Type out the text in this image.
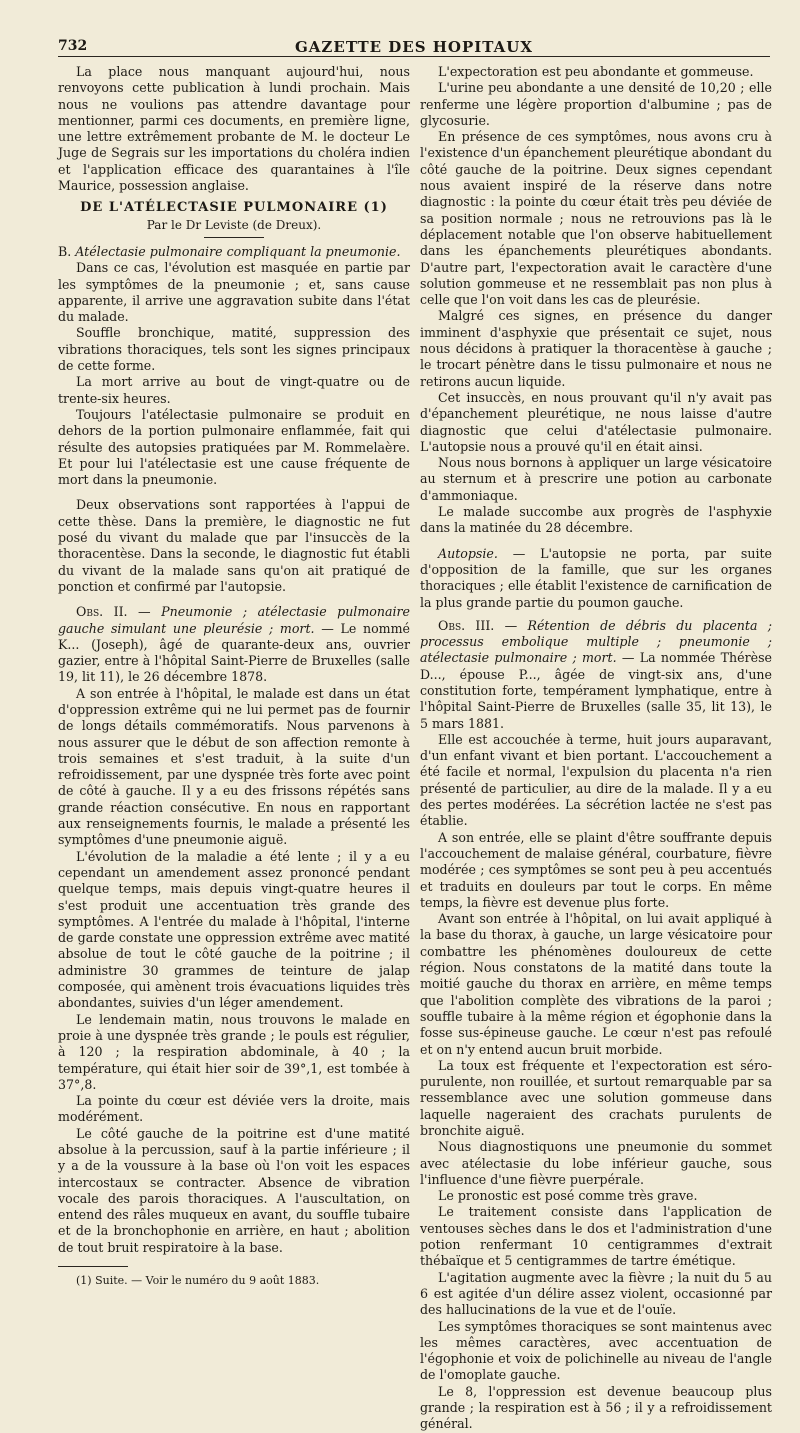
732	GAZETTE DES HOPITAUX

La place nous manquant aujourd'hui, nous renvoyons cette publication à lundi prochain. Mais nous ne voulions pas attendre davantage pour mentionner, parmi ces documents, en première ligne, une lettre extrêmement probante de M. le docteur Le Juge de Segrais sur les importations du choléra indien et l'application efficace des quarantaines à l'île Maurice, possession anglaise.

DE L'ATÉLECTASIE PULMONAIRE (1)
Par le Dr Leviste (de Dreux).

B. Atélectasie pulmonaire compliquant la pneumonie.

Dans ce cas, l'évolution est masquée en partie par les symptômes de la pneumonie ; et, sans cause apparente, il arrive une aggravation subite dans l'état du malade.

Souffle bronchique, matité, suppression des vibrations thoraciques, tels sont les signes principaux de cette forme.

La mort arrive au bout de vingt-quatre ou de trente-six heures.

Toujours l'atélectasie pulmonaire se produit en dehors de la portion pulmonaire enflammée, fait qui résulte des autopsies pratiquées par M. Rommelaère. Et pour lui l'atélectasie est une cause fréquente de mort dans la pneumonie.

Deux observations sont rapportées à l'appui de cette thèse. Dans la première, le diagnostic ne fut posé du vivant du malade que par l'insuccès de la thoracentèse. Dans la seconde, le diagnostic fut établi du vivant de la malade sans qu'on ait pratiqué de ponction et confirmé par l'autopsie.

Obs. II. — Pneumonie ; atélectasie pulmonaire gauche simulant une pleurésie ; mort. — Le nommé K... (Joseph), âgé de quarante-deux ans, ouvrier gazier, entre à l'hôpital Saint-Pierre de Bruxelles (salle 19, lit 11), le 26 décembre 1878.

A son entrée à l'hôpital, le malade est dans un état d'oppression extrême qui ne lui permet pas de fournir de longs détails commémoratifs. Nous parvenons à nous assurer que le début de son affection remonte à trois semaines et s'est traduit, à la suite d'un refroidissement, par une dyspnée très forte avec point de côté à gauche. Il y a eu des frissons répétés sans grande réaction consécutive. En nous en rapportant aux renseignements fournis, le malade a présenté les symptômes d'une pneumonie aiguë.

L'évolution de la maladie a été lente ; il y a eu cependant un amendement assez prononcé pendant quelque temps, mais depuis vingt-quatre heures il s'est produit une accentuation très grande des symptômes. A l'entrée du malade à l'hôpital, l'interne de garde constate une oppression extrême avec matité absolue de tout le côté gauche de la poitrine ; il administre 30 grammes de teinture de jalap composée, qui amènent trois évacuations liquides très abondantes, suivies d'un léger amendement.

Le lendemain matin, nous trouvons le malade en proie à une dyspnée très grande ; le pouls est régulier, à 120 ; la respiration abdominale, à 40 ; la température, qui était hier soir de 39°,1, est tombée à 37°,8.

La pointe du cœur est déviée vers la droite, mais modérément.

Le côté gauche de la poitrine est d'une matité absolue à la percussion, sauf à la partie inférieure ; il y a de la voussure à la base où l'on voit les espaces intercostaux se contracter. Absence de vibration vocale des parois thoraciques. A l'auscultation, on entend des râles muqueux en avant, du souffle tubaire et de la bronchophonie en arrière, en haut ; abolition de tout bruit respiratoire à la base.

(1) Suite. — Voir le numéro du 9 août 1883.

L'expectoration est peu abondante et gommeuse.

L'urine peu abondante a une densité de 10,20 ; elle renferme une légère proportion d'albumine ; pas de glycosurie.

En présence de ces symptômes, nous avons cru à l'existence d'un épanchement pleurétique abondant du côté gauche de la poitrine. Deux signes cependant nous avaient inspiré de la réserve dans notre diagnostic : la pointe du cœur était très peu déviée de sa position normale ; nous ne retrouvions pas là le déplacement notable que l'on observe habituellement dans les épanchements pleurétiques abondants. D'autre part, l'expectoration avait le caractère d'une solution gommeuse et ne ressemblait pas non plus à celle que l'on voit dans les cas de pleurésie.

Malgré ces signes, en présence du danger imminent d'asphyxie que présentait ce sujet, nous nous décidons à pratiquer la thoracentèse à gauche ; le trocart pénètre dans le tissu pulmonaire et nous ne retirons aucun liquide.

Cet insuccès, en nous prouvant qu'il n'y avait pas d'épanchement pleurétique, ne nous laisse d'autre diagnostic que celui d'atélectasie pulmonaire. L'autopsie nous a prouvé qu'il en était ainsi.

Nous nous bornons à appliquer un large vésicatoire au sternum et à prescrire une potion au carbonate d'ammoniaque.

Le malade succombe aux progrès de l'asphyxie dans la matinée du 28 décembre.

Autopsie. — L'autopsie ne porta, par suite d'opposition de la famille, que sur les organes thoraciques ; elle établit l'existence de carnification de la plus grande partie du poumon gauche.

Obs. III. — Rétention de débris du placenta ; processus embolique multiple ; pneumonie ; atélectasie pulmonaire ; mort. — La nommée Thérèse D..., épouse P..., âgée de vingt-six ans, d'une constitution forte, tempérament lymphatique, entre à l'hôpital Saint-Pierre de Bruxelles (salle 35, lit 13), le 5 mars 1881.

Elle est accouchée à terme, huit jours auparavant, d'un enfant vivant et bien portant. L'accouchement a été facile et normal, l'expulsion du placenta n'a rien présenté de particulier, au dire de la malade. Il y a eu des pertes modérées. La sécrétion lactée ne s'est pas établie.

A son entrée, elle se plaint d'être souffrante depuis l'accouchement de malaise général, courbature, fièvre modérée ; ces symptômes se sont peu à peu accentués et traduits en douleurs par tout le corps. En même temps, la fièvre est devenue plus forte.

Avant son entrée à l'hôpital, on lui avait appliqué à la base du thorax, à gauche, un large vésicatoire pour combattre les phénomènes douloureux de cette région. Nous constatons de la matité dans toute la moitié gauche du thorax en arrière, en même temps que l'abolition complète des vibrations de la paroi ; souffle tubaire à la même région et égophonie dans la fosse sus-épineuse gauche. Le cœur n'est pas refoulé et on n'y entend aucun bruit morbide.

La toux est fréquente et l'expectoration est séro-purulente, non rouillée, et surtout remarquable par sa ressemblance avec une solution gommeuse dans laquelle nageraient des crachats purulents de bronchite aiguë.

Nous diagnostiquons une pneumonie du sommet avec atélectasie du lobe inférieur gauche, sous l'influence d'une fièvre puerpérale.

Le pronostic est posé comme très grave.

Le traitement consiste dans l'application de ventouses sèches dans le dos et l'administration d'une potion renfermant 10 centigrammes d'extrait thébaïque et 5 centigrammes de tartre émétique.

L'agitation augmente avec la fièvre ; la nuit du 5 au 6 est agitée d'un délire assez violent, occasionné par des hallucinations de la vue et de l'ouïe.

Les symptômes thoraciques se sont maintenus avec les mêmes caractères, avec accentuation de l'égophonie et voix de polichinelle au niveau de l'angle de l'omoplate gauche.

Le 8, l'oppression est devenue beaucoup plus grande ; la respiration est à 56 ; il y a refroidissement général.
